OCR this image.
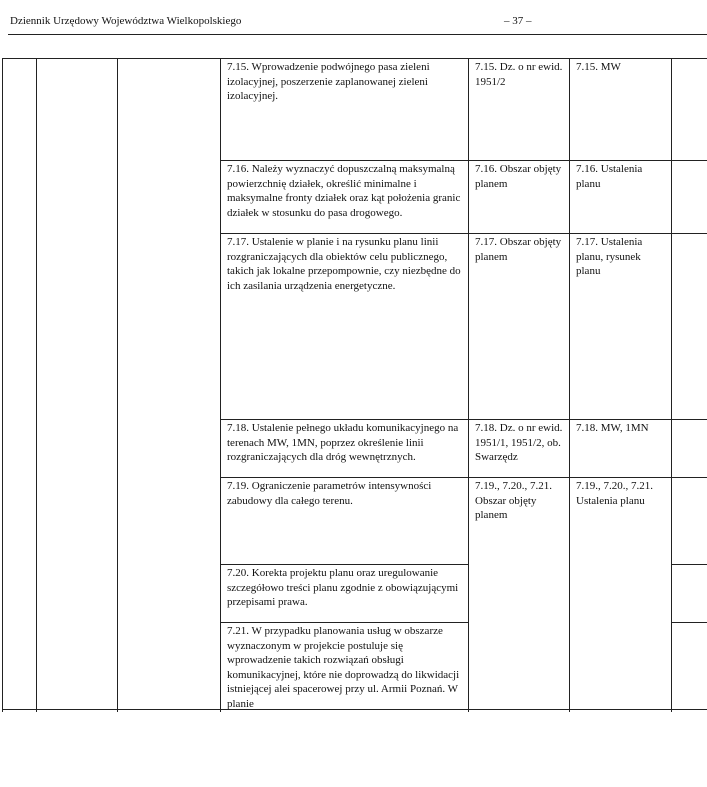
Dziennik Urzędowy Województwa Wielkopolskiego	– 37 –
			7.15. Wprowadzenie podwójnego pasa zieleni izolacyjnej, poszerzenie zaplanowanej zieleni izolacyjnej.	7.15. Dz. o nr ewid. 1951/2	7.15. MW	
			7.16. Należy wyznaczyć dopuszczalną maksymalną powierzchnię działek, określić minimalne i maksymalne fronty działek oraz kąt położenia granic działek w stosunku do pasa drogowego.	7.16. Obszar objęty planem	7.16. Ustalenia planu	
			7.17. Ustalenie w planie i na rysunku planu linii rozgraniczających dla obiektów celu publicznego, takich jak lokalne przepompownie, czy niezbędne do ich zasilania urządzenia energetyczne.	7.17. Obszar objęty planem	7.17. Ustalenia planu, rysunek planu	
			7.18. Ustalenie pełnego układu komunikacyjnego na terenach MW, 1MN, poprzez określenie linii rozgraniczających dla dróg wewnętrznych.	7.18. Dz. o nr ewid. 1951/1, 1951/2, ob. Swarzędz	7.18. MW, 1MN	
			7.19. Ograniczenie parametrów intensywności zabudowy dla całego terenu.	7.19., 7.20., 7.21. Obszar objęty planem	7.19., 7.20., 7.21. Ustalenia planu	
			7.20. Korekta projektu planu oraz uregulowanie szczegółowo treści planu zgodnie z obowiązującymi przepisami prawa.			
			7.21. W przypadku planowania usług w obszarze wyznaczonym w projekcie postuluje się wprowadzenie takich rozwiązań obsługi komunikacyjnej, które nie doprowadzą do likwidacji istniejącej alei spacerowej przy ul. Armii Poznań. W planie			
